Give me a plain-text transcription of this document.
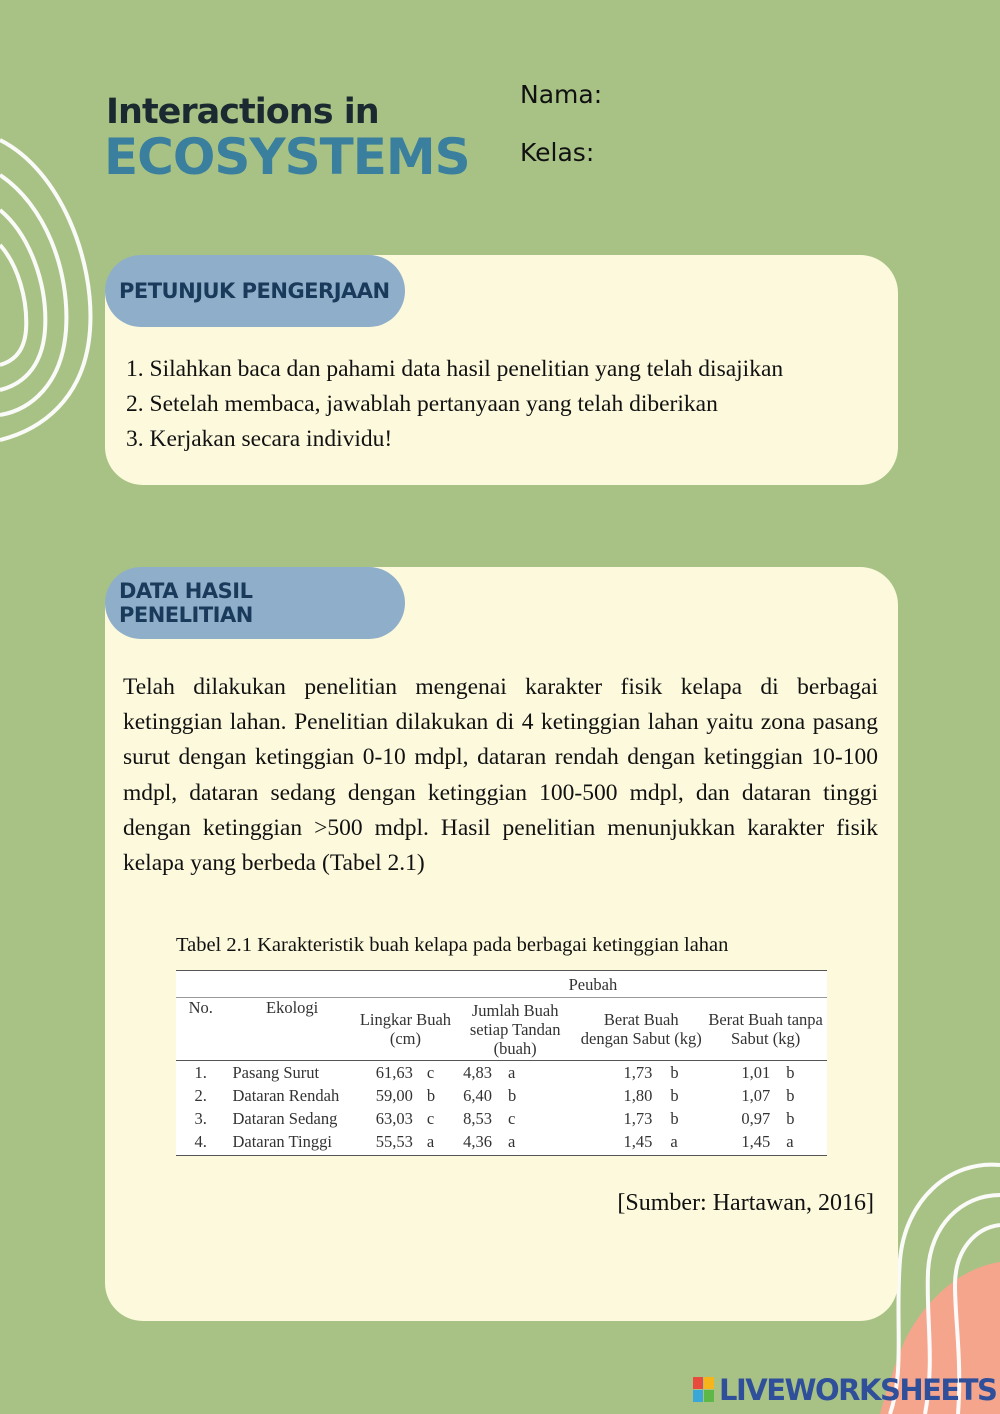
Interactions in
ECOSYSTEMS
Nama:
Kelas:
PETUNJUK PENGERJAAN
1. Silahkan baca dan pahami data hasil penelitian yang telah disajikan
2. Setelah membaca, jawablah pertanyaan yang telah diberikan
3. Kerjakan secara individu!
DATA HASIL PENELITIAN

Telah dilakukan penelitian mengenai karakter fisik kelapa di berbagai ketinggian lahan. Penelitian dilakukan di 4 ketinggian lahan yaitu zona pasang surut dengan ketinggian 0-10 mdpl, dataran rendah dengan ketinggian 10-100 mdpl, dataran sedang dengan ketinggian 100-500 mdpl, dan dataran tinggi dengan ketinggian >500 mdpl. Hasil penelitian menunjukkan karakter fisik kelapa yang berbeda (Tabel 2.1)

Tabel 2.1 Karakteristik buah kelapa pada berbagai ketinggian lahan
		Peubah			
No.	Ekologi	Lingkar Buah (cm)	Jumlah Buah setiap Tandan (buah)	Berat Buah dengan Sabut (kg)	Berat Buah tanpa Sabut (kg)
1.	Pasang Surut	61,63 c	4,83 a	1,73 b	1,01 b
2.	Dataran Rendah	59,00 b	6,40 b	1,80 b	1,07 b
3.	Dataran Sedang	63,03 c	8,53 c	1,73 b	0,97 b
4.	Dataran Tinggi	55,53 a	4,36 a	1,45 a	1,45 a
[Sumber: Hartawan, 2016]
LIVEWORKSHEETS
